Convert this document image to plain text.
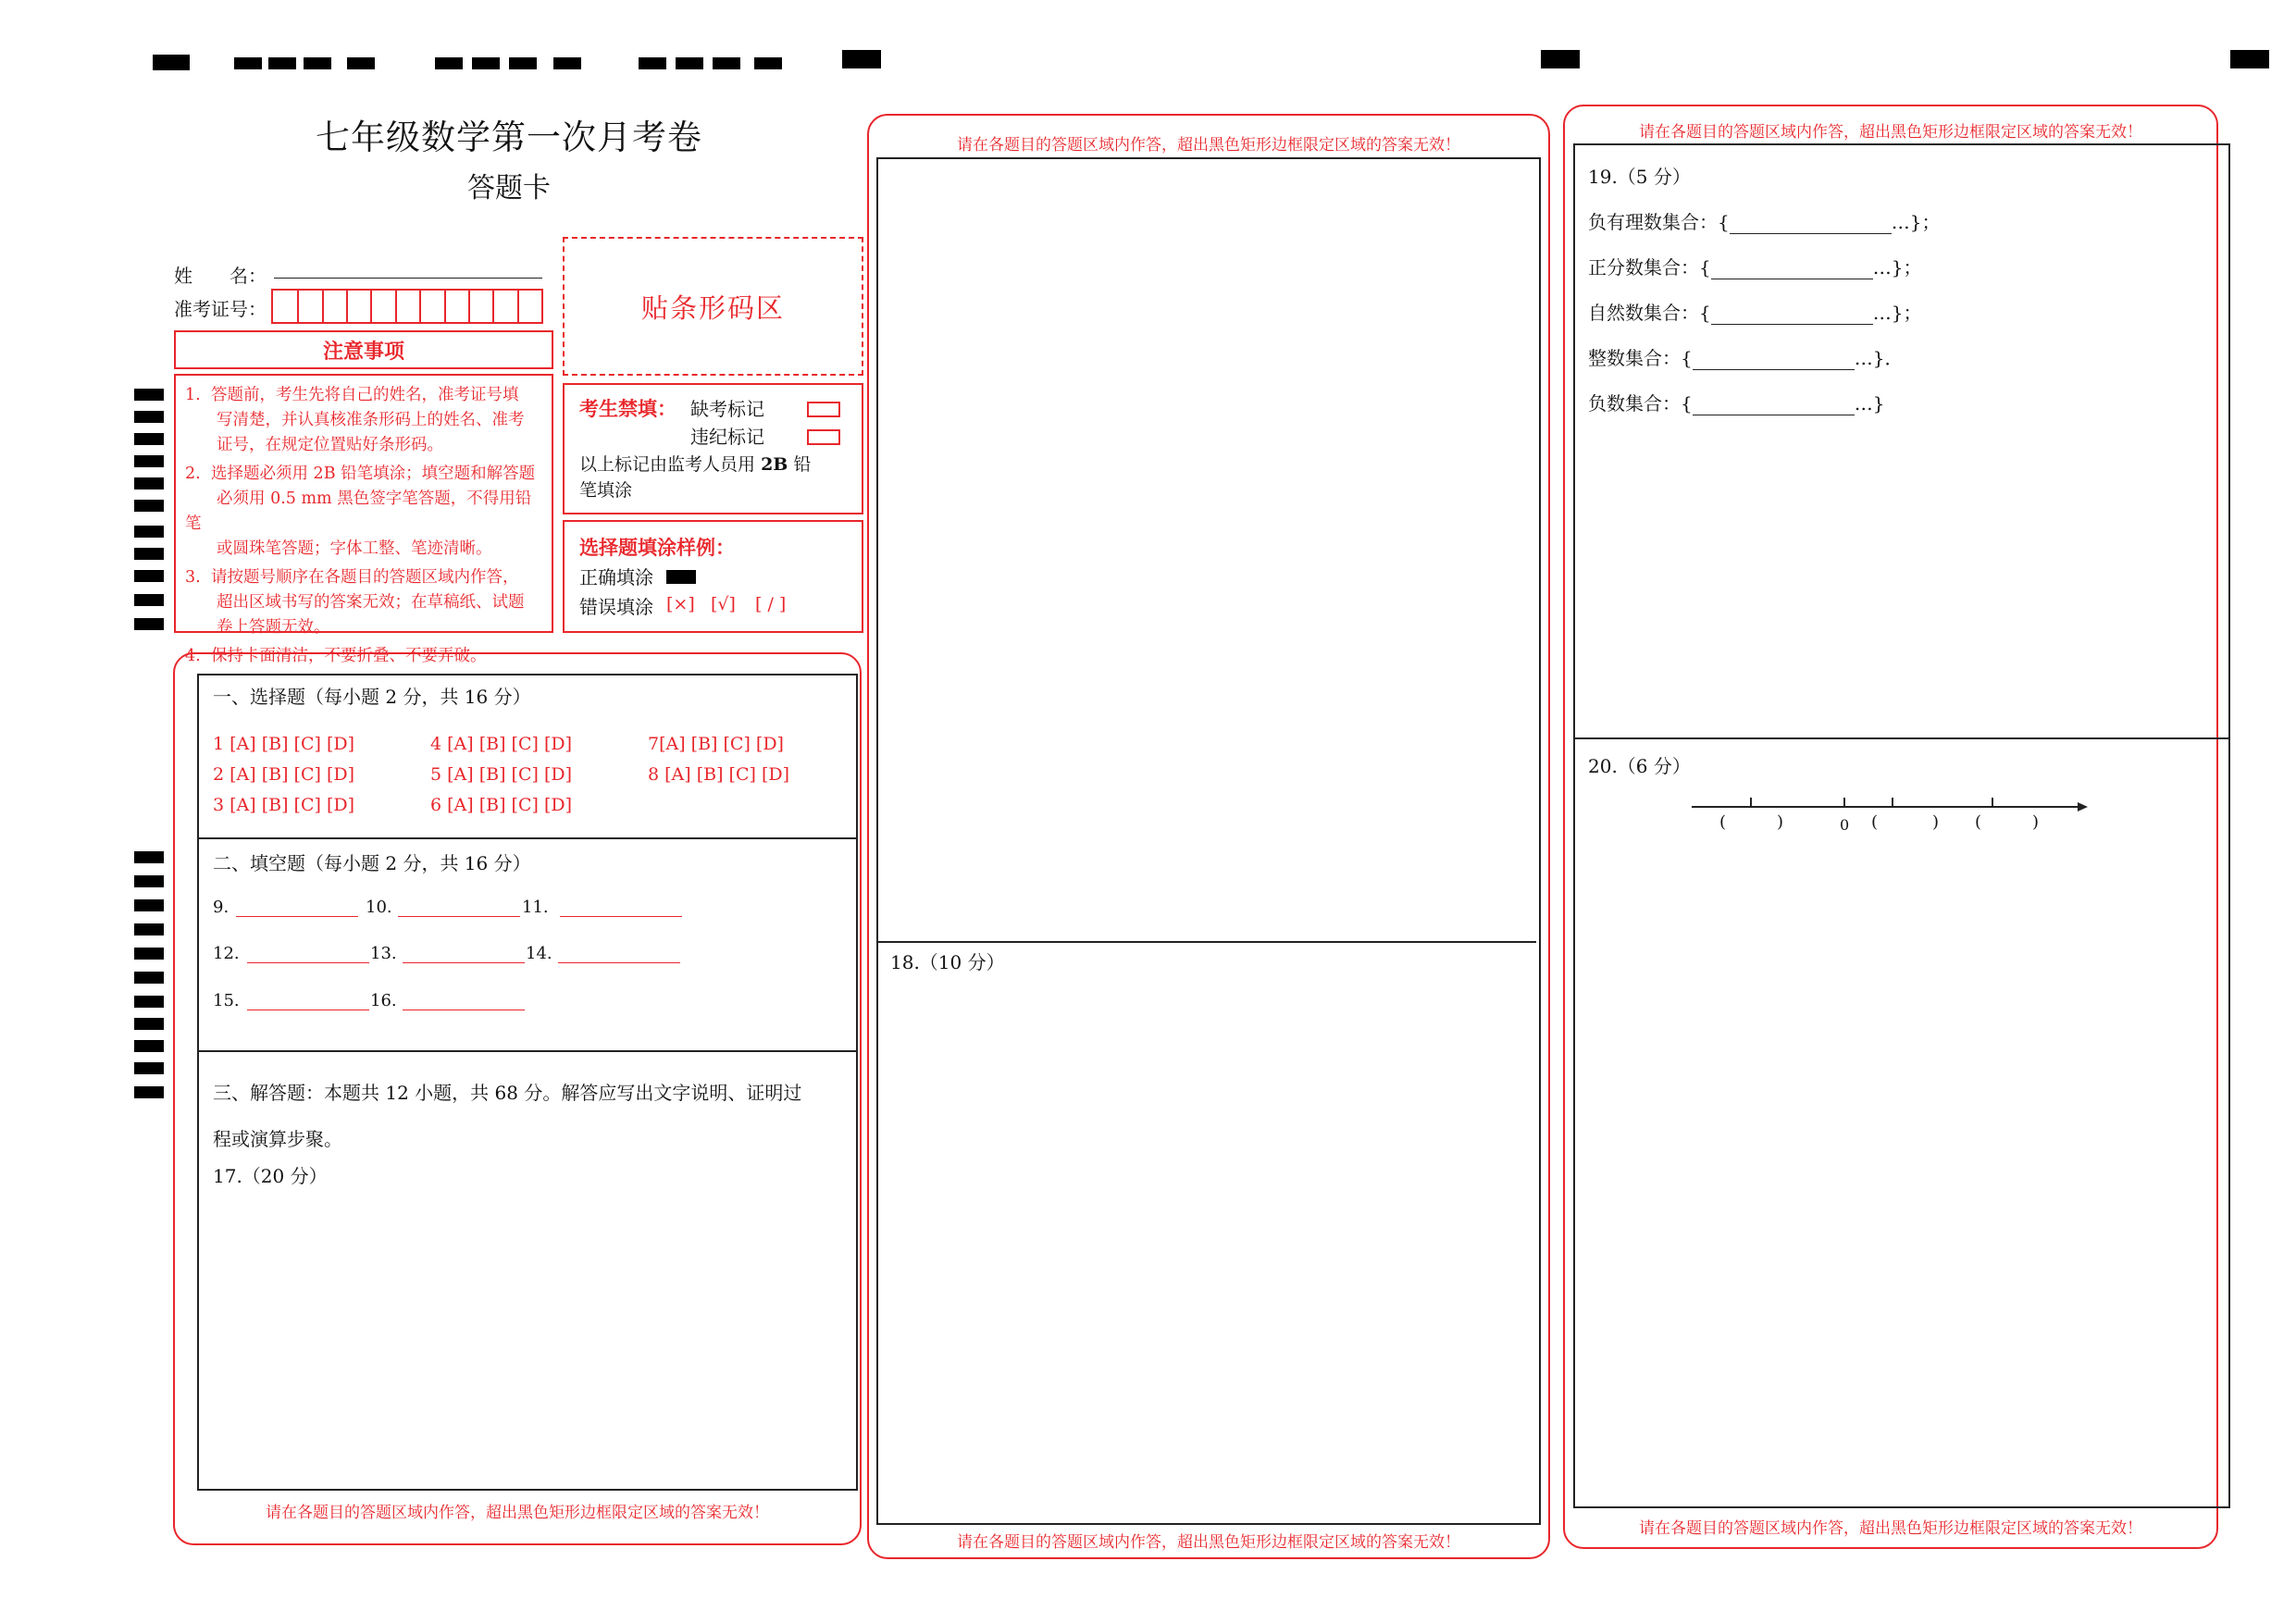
七年级数学第一次月考卷
答题卡
姓　　名：
准考证号：	贴条形码区
注意事项

1. 答题前，考生先将自己的姓名，准考证号填
写清楚，并认真核准条形码上的姓名、准考
证号，在规定位置贴好条形码。

2. 选择题必须用 2B 铅笔填涂；填空题和解答题
必须用 0.5 mm 黑色签字笔答题，不得用铅笔
或圆珠笔答题；字体工整、笔迹清晰。

3. 请按题号顺序在各题目的答题区域内作答，
超出区域书写的答案无效；在草稿纸、试题
卷上答题无效。

4. 保持卡面清洁，不要折叠、不要弄破。

考生禁填： 缺考标记
违纪标记
以上标记由监考人员用 2B 铅
笔填涂
选择题填涂样例：
正确填涂
错误填涂 [×] [√] [ / ]
一、选择题（每小题 2 分，共 16 分）
1 [A] [B] [C] [D]	4 [A] [B] [C] [D]	7[A] [B] [C] [D]
2 [A] [B] [C] [D]	5 [A] [B] [C] [D]	8 [A] [B] [C] [D]
3 [A] [B] [C] [D]	6 [A] [B] [C] [D]
二、填空题（每小题 2 分，共 16 分）
9.	10.	11.
12.	13.	14.
15.	16.
三、解答题：本题共 12 小题，共 68 分。解答应写出文字说明、证明过
程或演算步聚。
17.（20 分）
请在各题目的答题区域内作答，超出黑色矩形边框限定区域的答案无效！
请在各题目的答题区域内作答，超出黑色矩形边框限定区域的答案无效！
18.（10 分）
请在各题目的答题区域内作答，超出黑色矩形边框限定区域的答案无效！
请在各题目的答题区域内作答，超出黑色矩形边框限定区域的答案无效！
19.（5 分）
负有理数集合：{	…}；
正分数集合：{	…}；
自然数集合：{	…}；
整数集合：{	…}．
负数集合：{	…}
20.（6 分）
(	)	0 (	) (	)
请在各题目的答题区域内作答，超出黑色矩形边框限定区域的答案无效！
